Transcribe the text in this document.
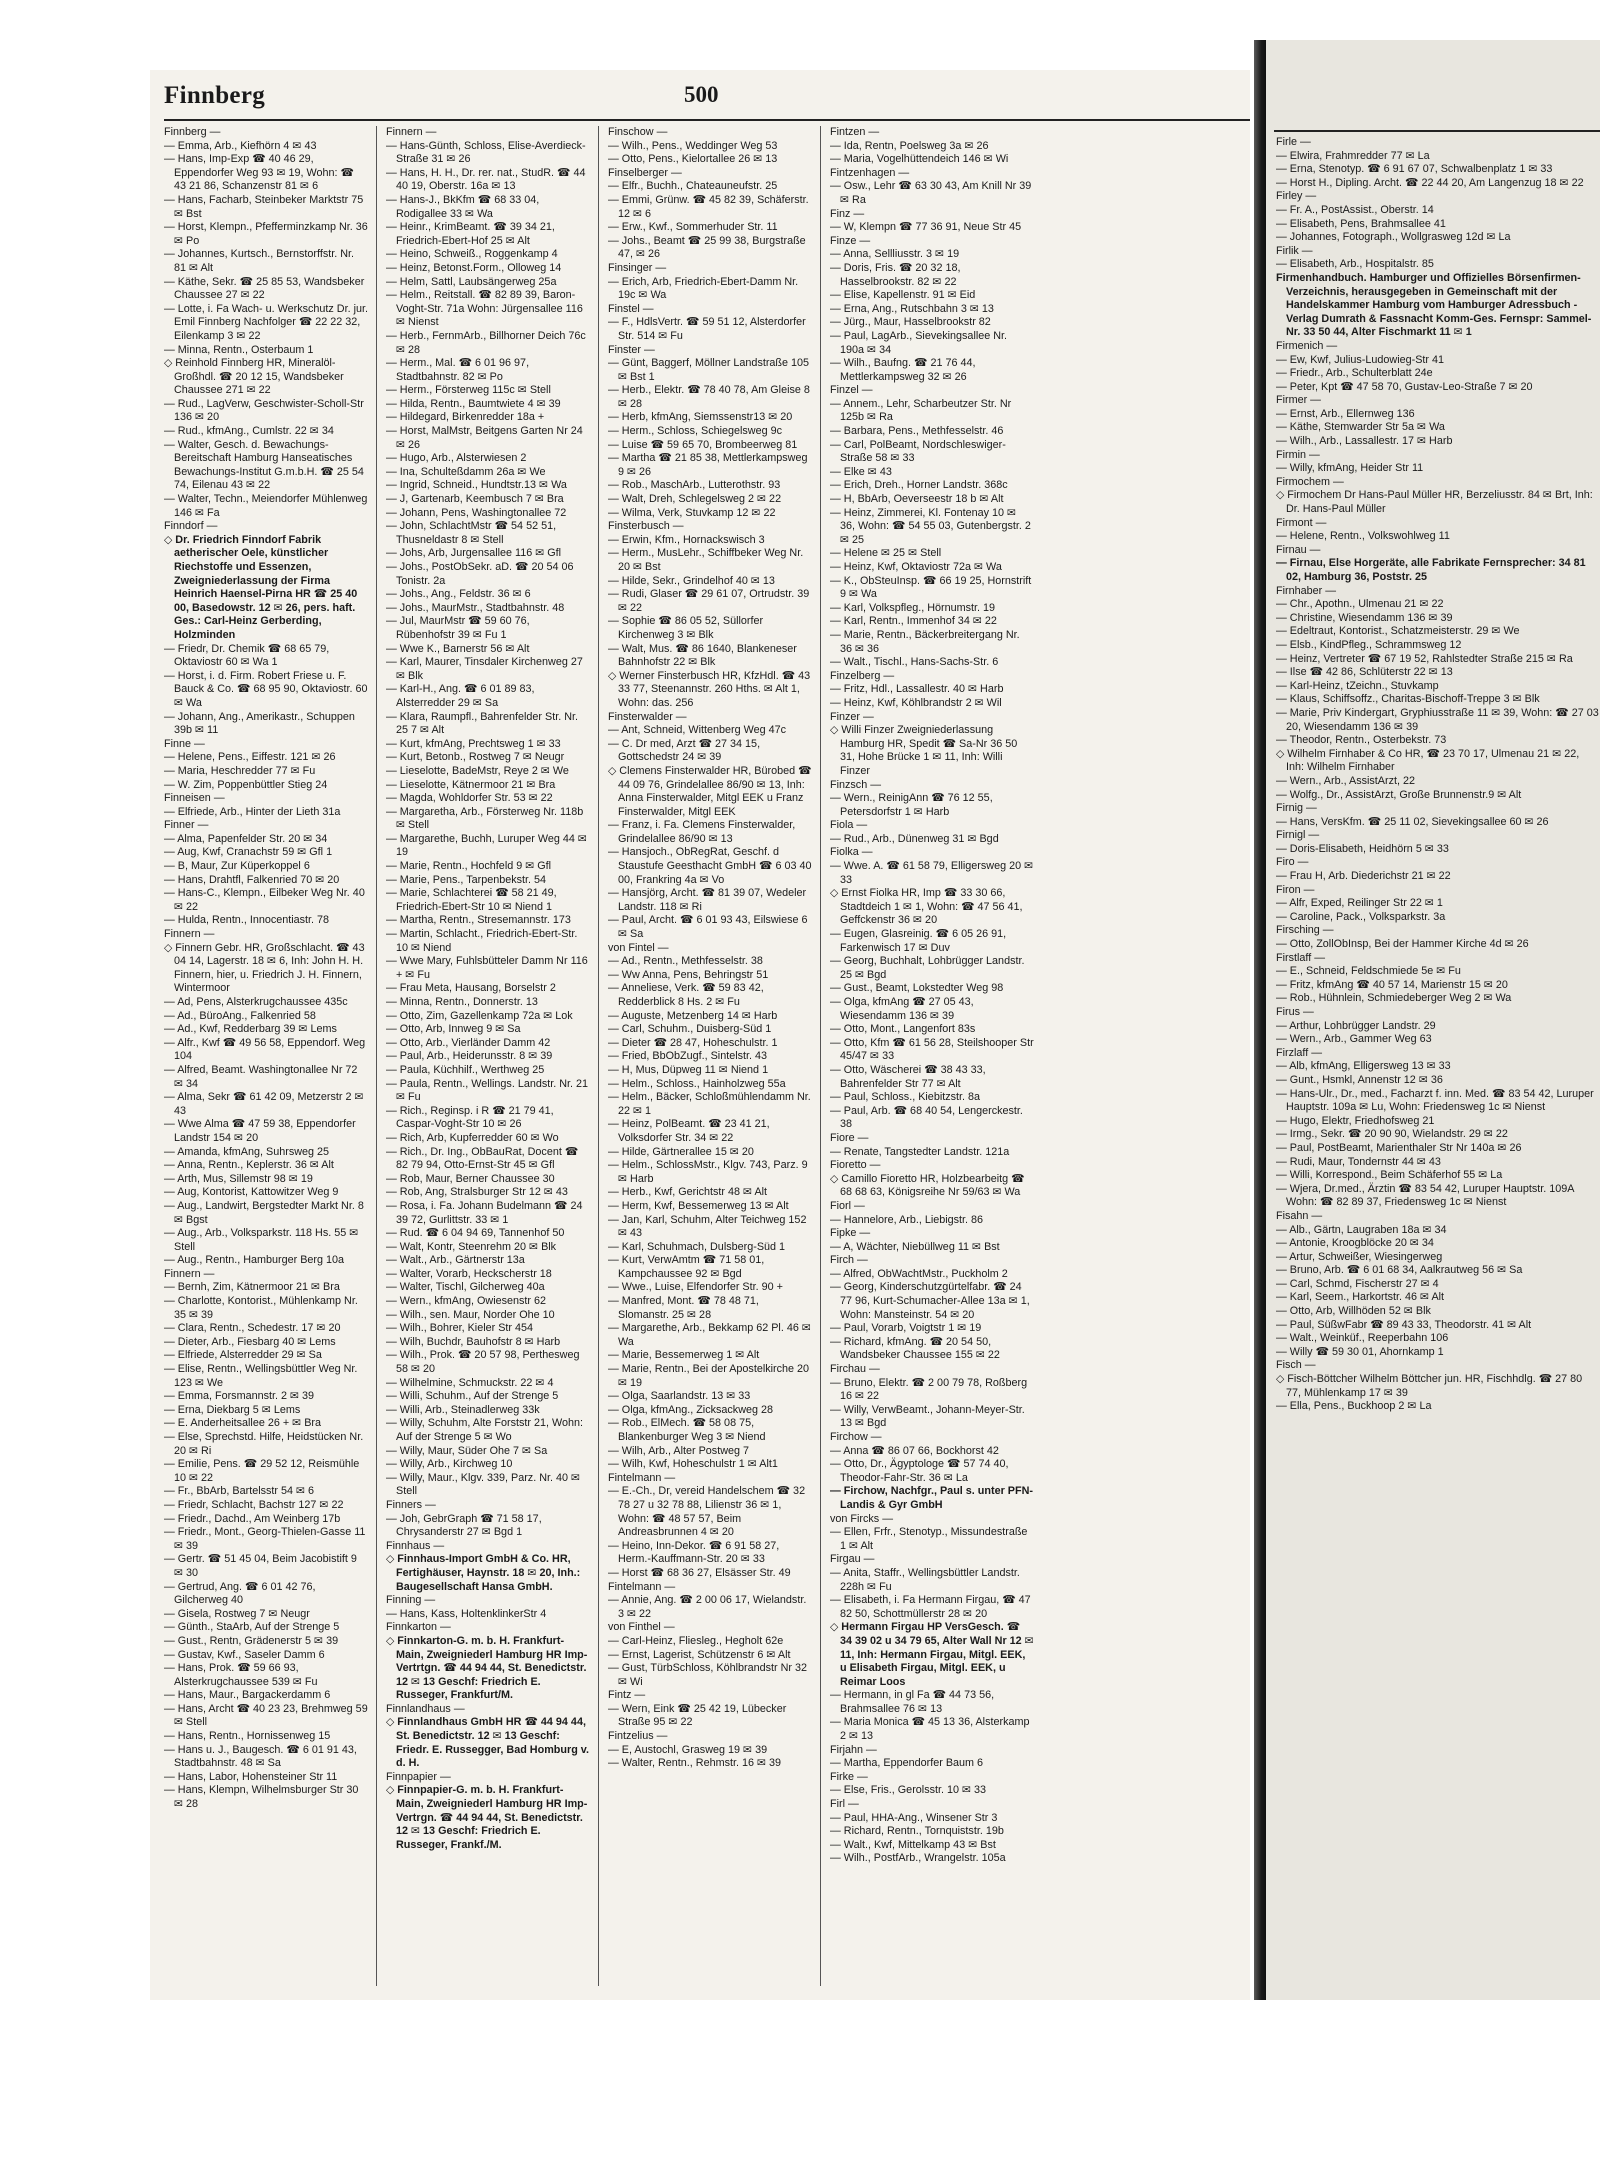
Finnberg	500

Finnberg —

— Emma, Arb., Kiefhörn 4 ✉ 43

— Hans, Imp-Exp ☎ 40 46 29, Eppendorfer Weg 93 ✉ 19, Wohn: ☎ 43 21 86, Schanzenstr 81 ✉ 6

— Hans, Facharb, Steinbeker Marktstr 75 ✉ Bst

— Horst, Klempn., Pfefferminzkamp Nr. 36 ✉ Po

— Johannes, Kurtsch., Bernstorffstr. Nr. 81 ✉ Alt

— Käthe, Sekr. ☎ 25 85 53, Wandsbeker Chaussee 27 ✉ 22

— Lotte, i. Fa Wach- u. Werkschutz Dr. jur. Emil Finnberg Nachfolger ☎ 22 22 32, Eilenkamp 3 ✉ 22

— Minna, Rentn., Osterbaum 1

◇ Reinhold Finnberg HR, Mineralöl-Großhdl. ☎ 20 12 15, Wandsbeker Chaussee 271 ✉ 22

— Rud., LagVerw, Geschwister-Scholl-Str 136 ✉ 20

— Rud., kfmAng., Cumlstr. 22 ✉ 34

— Walter, Gesch. d. Bewachungs-Bereitschaft Hamburg Hanseatisches Bewachungs-Institut G.m.b.H. ☎ 25 54 74, Eilenau 43 ✉ 22

— Walter, Techn., Meiendorfer Mühlenweg 146 ✉ Fa

Finndorf —

◇ Dr. Friedrich Finndorf Fabrik aetherischer Oele, künstlicher Riechstoffe und Essenzen, Zweigniederlassung der Firma Heinrich Haensel-Pirna HR ☎ 25 40 00, Basedowstr. 12 ✉ 26, pers. haft. Ges.: Carl-Heinz Gerberding, Holzminden

— Friedr, Dr. Chemik ☎ 68 65 79, Oktaviostr 60 ✉ Wa 1

— Horst, i. d. Firm. Robert Friese u. F. Bauck & Co. ☎ 68 95 90, Oktaviostr. 60 ✉ Wa

— Johann, Ang., Amerikastr., Schuppen 39b ✉ 11

Finne —

— Helene, Pens., Eiffestr. 121 ✉ 26

— Maria, Heschredder 77 ✉ Fu

— W. Zim, Poppenbüttler Stieg 24

Finneisen —

— Elfriede, Arb., Hinter der Lieth 31a

Finner —

— Alma, Papenfelder Str. 20 ✉ 34

— Aug, Kwf, Cranachstr 59 ✉ Gfl 1

— B, Maur, Zur Küperkoppel 6

— Hans, Drahtfl, Falkenried 70 ✉ 20

— Hans-C., Klempn., Eilbeker Weg Nr. 40 ✉ 22

— Hulda, Rentn., Innocentiastr. 78

Finnern —

◇ Finnern Gebr. HR, Großschlacht. ☎ 43 04 14, Lagerstr. 18 ✉ 6, Inh: John H. H. Finnern, hier, u. Friedrich J. H. Finnern, Wintermoor

— Ad, Pens, Alsterkrugchaussee 435c

— Ad., BüroAng., Falkenried 58

— Ad., Kwf, Redderbarg 39 ✉ Lems

— Alfr., Kwf ☎ 49 56 58, Eppendorf. Weg 104

— Alfred, Beamt. Washingtonallee Nr 72 ✉ 34

— Alma, Sekr ☎ 61 42 09, Metzerstr 2 ✉ 43

— Wwe Alma ☎ 47 59 38, Eppendorfer Landstr 154 ✉ 20

— Amanda, kfmAng, Suhrsweg 25

— Anna, Rentn., Keplerstr. 36 ✉ Alt

— Arth, Mus, Sillemstr 98 ✉ 19

— Aug, Kontorist, Kattowitzer Weg 9

— Aug., Landwirt, Bergstedter Markt Nr. 8 ✉ Bgst

— Aug., Arb., Volksparkstr. 118 Hs. 55 ✉ Stell

— Aug., Rentn., Hamburger Berg 10a

Finnern —

— Bernh, Zim, Kätnermoor 21 ✉ Bra

— Charlotte, Kontorist., Mühlenkamp Nr. 35 ✉ 39

— Clara, Rentn., Schedestr. 17 ✉ 20

— Dieter, Arb., Fiesbarg 40 ✉ Lems

— Elfriede, Alsterredder 29 ✉ Sa

— Elise, Rentn., Wellingsbüttler Weg Nr. 123 ✉ We

— Emma, Forsmannstr. 2 ✉ 39

— Erna, Diekbarg 5 ✉ Lems

— E. Anderheitsallee 26 + ✉ Bra

— Else, Sprechstd. Hilfe, Heidstücken Nr. 20 ✉ Ri

— Emilie, Pens. ☎ 29 52 12, Reismühle 10 ✉ 22

— Fr., BbArb, Bartelsstr 54 ✉ 6

— Friedr, Schlacht, Bachstr 127 ✉ 22

— Friedr., Dachd., Am Weinberg 17b

— Friedr., Mont., Georg-Thielen-Gasse 11 ✉ 39

— Gertr. ☎ 51 45 04, Beim Jacobistift 9 ✉ 30

— Gertrud, Ang. ☎ 6 01 42 76, Gilcherweg 40

— Gisela, Rostweg 7 ✉ Neugr

— Günth., StaArb, Auf der Strenge 5

— Gust., Rentn, Grädenerstr 5 ✉ 39

— Gustav, Kwf., Saseler Damm 6

— Hans, Prok. ☎ 59 66 93, Alsterkrugchaussee 539 ✉ Fu

— Hans, Maur., Bargackerdamm 6

— Hans, Archt ☎ 40 23 23, Brehmweg 59 ✉ Stell

— Hans, Rentn., Hornissenweg 15

— Hans u. J., Baugesch. ☎ 6 01 91 43, Stadtbahnstr. 48 ✉ Sa

— Hans, Labor, Hohensteiner Str 11

— Hans, Klempn, Wilhelmsburger Str 30 ✉ 28

Finnern —

— Hans-Günth, Schloss, Elise-Averdieck-Straße 31 ✉ 26

— Hans, H. H., Dr. rer. nat., StudR. ☎ 44 40 19, Oberstr. 16a ✉ 13

— Hans-J., BkKfm ☎ 68 33 04, Rodigallee 33 ✉ Wa

— Heinr., KrimBeamt. ☎ 39 34 21, Friedrich-Ebert-Hof 25 ✉ Alt

— Heino, Schweiß., Roggenkamp 4

— Heinz, Betonst.Form., Olloweg 14

— Helm, Sattl, Laubsängerweg 25a

— Helm., Reitstall. ☎ 82 89 39, Baron-Voght-Str. 71a Wohn: Jürgensallee 116 ✉ Nienst

— Herb., FernmArb., Billhorner Deich 76c ✉ 28

— Herm., Mal. ☎ 6 01 96 97, Stadtbahnstr. 82 ✉ Po

— Herm., Försterweg 115c ✉ Stell

— Hilda, Rentn., Baumtwiete 4 ✉ 39

— Hildegard, Birkenredder 18a +

— Horst, MalMstr, Beitgens Garten Nr 24 ✉ 26

— Hugo, Arb., Alsterwiesen 2

— Ina, Schulteßdamm 26a ✉ We

— Ingrid, Schneid., Hundtstr.13 ✉ Wa

— J, Gartenarb, Keembusch 7 ✉ Bra

— Johann, Pens, Washingtonallee 72

— John, SchlachtMstr ☎ 54 52 51, Thusneldastr 8 ✉ Stell

— Johs, Arb, Jurgensallee 116 ✉ Gfl

— Johs., PostObSekr. aD. ☎ 20 54 06 Tonistr. 2a

— Johs., Ang., Feldstr. 36 ✉ 6

— Johs., MaurMstr., Stadtbahnstr. 48

— Jul, MaurMstr ☎ 59 60 76, Rübenhofstr 39 ✉ Fu 1

— Wwe K., Barnerstr 56 ✉ Alt

— Karl, Maurer, Tinsdaler Kirchenweg 27 ✉ Blk

— Karl-H., Ang. ☎ 6 01 89 83, Alsterredder 29 ✉ Sa

— Klara, Raumpfl., Bahrenfelder Str. Nr. 25 7 ✉ Alt

— Kurt, kfmAng, Prechtsweg 1 ✉ 33

— Kurt, Betonb., Rostweg 7 ✉ Neugr

— Lieselotte, BadeMstr, Reye 2 ✉ We

— Lieselotte, Kätnermoor 21 ✉ Bra

— Magda, Wohldorfer Str. 53 ✉ 22

— Margaretha, Arb., Försterweg Nr. 118b ✉ Stell

— Margarethe, Buchh, Luruper Weg 44 ✉ 19

— Marie, Rentn., Hochfeld 9 ✉ Gfl

— Marie, Pens., Tarpenbekstr. 54

— Marie, Schlachterei ☎ 58 21 49, Friedrich-Ebert-Str 10 ✉ Niend 1

— Martha, Rentn., Stresemannstr. 173

— Martin, Schlacht., Friedrich-Ebert-Str. 10 ✉ Niend

— Wwe Mary, Fuhlsbütteler Damm Nr 116 + ✉ Fu

— Frau Meta, Hausang, Borselstr 2

— Minna, Rentn., Donnerstr. 13

— Otto, Zim, Gazellenkamp 72a ✉ Lok

— Otto, Arb, Innweg 9 ✉ Sa

— Otto, Arb., Vierländer Damm 42

— Paul, Arb., Heiderunsstr. 8 ✉ 39

— Paula, Küchhilf., Werthweg 25

— Paula, Rentn., Wellings. Landstr. Nr. 21 ✉ Fu

— Rich., Reginsp. i R ☎ 21 79 41, Caspar-Voght-Str 10 ✉ 26

— Rich, Arb, Kupferredder 60 ✉ Wo

— Rich., Dr. Ing., ObBauRat, Docent ☎ 82 79 94, Otto-Ernst-Str 45 ✉ Gfl

— Rob, Maur, Berner Chaussee 30

— Rob, Ang, Stralsburger Str 12 ✉ 43

— Rosa, i. Fa. Johann Budelmann ☎ 24 39 72, Gurlittstr. 33 ✉ 1

— Rud. ☎ 6 04 94 69, Tannenhof 50

— Walt, Kontr, Steenrehm 20 ✉ Blk

— Walt., Arb., Gärtnerstr 13a

— Walter, Vorarb, Heckscherstr 18

— Walter, Tischl, Gilcherweg 40a

— Wern., kfmAng, Owiesenstr 62

— Wilh., sen. Maur, Norder Ohe 10

— Wilh., Bohrer, Kieler Str 454

— Wilh, Buchdr, Bauhofstr 8 ✉ Harb

— Wilh., Prok. ☎ 20 57 98, Perthesweg 58 ✉ 20

— Wilhelmine, Schmuckstr. 22 ✉ 4

— Willi, Schuhm., Auf der Strenge 5

— Willi, Arb., Steinadlerweg 33k

— Willy, Schuhm, Alte Forststr 21, Wohn: Auf der Strenge 5 ✉ Wo

— Willy, Maur, Süder Ohe 7 ✉ Sa

— Willy, Arb., Kirchweg 10

— Willy, Maur., Klgv. 339, Parz. Nr. 40 ✉ Stell

Finners —

— Joh, GebrGraph ☎ 71 58 17, Chrysanderstr 27 ✉ Bgd 1

Finnhaus —

◇ Finnhaus-Import GmbH & Co. HR, Fertighäuser, Haynstr. 18 ✉ 20, Inh.: Baugesellschaft Hansa GmbH.

Finning —

— Hans, Kass, HoltenklinkerStr 4

Finnkarton —

◇ Finnkarton-G. m. b. H. Frankfurt-Main, Zweigniederl Hamburg HR Imp-Vertrtgn. ☎ 44 94 44, St. Benedictstr. 12 ✉ 13 Geschf: Friedrich E. Russeger, Frankfurt/M.

Finnlandhaus —

◇ Finnlandhaus GmbH HR ☎ 44 94 44, St. Benedictstr. 12 ✉ 13 Geschf: Friedr. E. Russegger, Bad Homburg v. d. H.

Finnpapier —

◇ Finnpapier-G. m. b. H. Frankfurt-Main, Zweigniederl Hamburg HR Imp-Vertrgn. ☎ 44 94 44, St. Benedictstr. 12 ✉ 13 Geschf: Friedrich E. Russeger, Frankf./M.

Finschow —

— Wilh., Pens., Weddinger Weg 53

— Otto, Pens., Kielortallee 26 ✉ 13

Finselberger —

— Elfr., Buchh., Chateauneufstr. 25

— Emmi, Grünw. ☎ 45 82 39, Schäferstr. 12 ✉ 6

— Erw., Kwf., Sommerhuder Str. 11

— Johs., Beamt ☎ 25 99 38, Burgstraße 47, ✉ 26

Finsinger —

— Erich, Arb, Friedrich-Ebert-Damm Nr. 19c ✉ Wa

Finstel —

— F., HdlsVertr. ☎ 59 51 12, Alsterdorfer Str. 514 ✉ Fu

Finster —

— Günt, Baggerf, Möllner Landstraße 105 ✉ Bst 1

— Herb., Elektr. ☎ 78 40 78, Am Gleise 8 ✉ 28

— Herb, kfmAng, Siemssenstr13 ✉ 20

— Herm., Schloss, Schiegelsweg 9c

— Luise ☎ 59 65 70, Brombeerweg 81

— Martha ☎ 21 85 38, Mettlerkampsweg 9 ✉ 26

— Rob., MaschArb., Lutterothstr. 93

— Walt, Dreh, Schlegelsweg 2 ✉ 22

— Wilma, Verk, Stuvkamp 12 ✉ 22

Finsterbusch —

— Erwin, Kfm., Hornackswisch 3

— Herm., MusLehr., Schiffbeker Weg Nr. 20 ✉ Bst

— Hilde, Sekr., Grindelhof 40 ✉ 13

— Rudi, Glaser ☎ 29 61 07, Ortrudstr. 39 ✉ 22

— Sophie ☎ 86 05 52, Süllorfer Kirchenweg 3 ✉ Blk

— Walt, Mus. ☎ 86 1640, Blankeneser Bahnhofstr 22 ✉ Blk

◇ Werner Finsterbusch HR, KfzHdl. ☎ 43 33 77, Steenannstr. 260 Hths. ✉ Alt 1, Wohn: das. 256

Finsterwalder —

— Ant, Schneid, Wittenberg Weg 47c

— C. Dr med, Arzt ☎ 27 34 15, Gottschedstr 24 ✉ 39

◇ Clemens Finsterwalder HR, Bürobed ☎ 44 09 76, Grindelallee 86/90 ✉ 13, Inh: Anna Finsterwalder, Mitgl EEK u Franz Finsterwalder, Mitgl EEK

— Franz, i. Fa. Clemens Finsterwalder, Grindelallee 86/90 ✉ 13

— Hansjoch., ObRegRat, Geschf. d Staustufe Geesthacht GmbH ☎ 6 03 40 00, Frankring 4a ✉ Vo

— Hansjörg, Archt. ☎ 81 39 07, Wedeler Landstr. 118 ✉ Ri

— Paul, Archt. ☎ 6 01 93 43, Eilswiese 6 ✉ Sa

von Fintel —

— Ad., Rentn., Methfesselstr. 38

— Ww Anna, Pens, Behringstr 51

— Anneliese, Verk. ☎ 59 83 42, Redderblick 8 Hs. 2 ✉ Fu

— Auguste, Metzenberg 14 ✉ Harb

— Carl, Schuhm., Duisberg-Süd 1

— Dieter ☎ 28 47, Hoheschulstr. 1

— Fried, BbObZugf., Sintelstr. 43

— H, Mus, Düpweg 11 ✉ Niend 1

— Helm., Schloss., Hainholzweg 55a

— Helm., Bäcker, Schloßmühlendamm Nr. 22 ✉ 1

— Heinz, PolBeamt. ☎ 23 41 21, Volksdorfer Str. 34 ✉ 22

— Hilde, Gärtnerallee 15 ✉ 20

— Helm., SchlossMstr., Klgv. 743, Parz. 9 ✉ Harb

— Herb., Kwf, Gerichtstr 48 ✉ Alt

— Herm, Kwf, Bessemerweg 13 ✉ Alt

— Jan, Karl, Schuhm, Alter Teichweg 152 ✉ 43

— Karl, Schuhmach, Dulsberg-Süd 1

— Kurt, VerwAmtm ☎ 71 58 01, Kampchaussee 92 ✉ Bgd

— Wwe., Luise, Elfendorfer Str. 90 +

— Manfred, Mont. ☎ 78 48 71, Slomanstr. 25 ✉ 28

— Margarethe, Arb., Bekkamp 62 Pl. 46 ✉ Wa

— Marie, Bessemerweg 1 ✉ Alt

— Marie, Rentn., Bei der Apostelkirche 20 ✉ 19

— Olga, Saarlandstr. 13 ✉ 33

— Olga, kfmAng., Zicksackweg 28

— Rob., ElMech. ☎ 58 08 75, Blankenburger Weg 3 ✉ Niend

— Wilh, Arb., Alter Postweg 7

— Wilh, Kwf, Hoheschulstr 1 ✉ Alt1

Fintelmann —

— E.-Ch., Dr, vereid Handelschem ☎ 32 78 27 u 32 78 88, Lilienstr 36 ✉ 1, Wohn: ☎ 48 57 57, Beim Andreasbrunnen 4 ✉ 20

— Heino, Inn-Dekor. ☎ 6 91 58 27, Herm.-Kauffmann-Str. 20 ✉ 33

— Horst ☎ 68 36 27, Elsässer Str. 49

Fintelmann —

— Annie, Ang. ☎ 2 00 06 17, Wielandstr. 3 ✉ 22

von Finthel —

— Carl-Heinz, Fliesleg., Hegholt 62e

— Ernst, Lagerist, Schützenstr 6 ✉ Alt

— Gust, TürbSchloss, Köhlbrandstr Nr 32 ✉ Wi

Fintz —

— Wern, Eink ☎ 25 42 19, Lübecker Straße 95 ✉ 22

Fintzelius —

— E, Austochl, Grasweg 19 ✉ 39

— Walter, Rentn., Rehmstr. 16 ✉ 39

Fintzen —

— Ida, Rentn, Poelsweg 3a ✉ 26

— Maria, Vogelhüttendeich 146 ✉ Wi

Fintzenhagen —

— Osw., Lehr ☎ 63 30 43, Am Knill Nr 39 ✉ Ra

Finz —

— W, Klempn ☎ 77 36 91, Neue Str 45

Finze —

— Anna, Sellliusstr. 3 ✉ 19

— Doris, Fris. ☎ 20 32 18, Hasselbrookstr. 82 ✉ 22

— Elise, Kapellenstr. 91 ✉ Eid

— Erna, Ang., Rutschbahn 3 ✉ 13

— Jürg., Maur, Hasselbrookstr 82

— Paul, LagArb., Sievekingsallee Nr. 190a ✉ 34

— Wilh., Baufng. ☎ 21 76 44, Mettlerkampsweg 32 ✉ 26

Finzel —

— Annem., Lehr, Scharbeutzer Str. Nr 125b ✉ Ra

— Barbara, Pens., Methfesselstr. 46

— Carl, PolBeamt, Nordschleswiger-Straße 58 ✉ 33

— Elke ✉ 43

— Erich, Dreh., Horner Landstr. 368c

— H, BbArb, Oeverseestr 18 b ✉ Alt

— Heinz, Zimmerei, Kl. Fontenay 10 ✉ 36, Wohn: ☎ 54 55 03, Gutenbergstr. 2 ✉ 25

— Helene ✉ 25 ✉ Stell

— Heinz, Kwf, Oktaviostr 72a ✉ Wa

— K., ObSteuInsp. ☎ 66 19 25, Hornstrift 9 ✉ Wa

— Karl, Volkspfleg., Hörnumstr. 19

— Karl, Rentn., Immenhof 34 ✉ 22

— Marie, Rentn., Bäckerbreitergang Nr. 36 ✉ 36

— Walt., Tischl., Hans-Sachs-Str. 6

Finzelberg —

— Fritz, Hdl., Lassallestr. 40 ✉ Harb

— Heinz, Kwf, Köhlbrandstr 2 ✉ Wil

Finzer —

◇ Willi Finzer Zweigniederlassung Hamburg HR, Spedit ☎ Sa-Nr 36 50 31, Hohe Brücke 1 ✉ 11, Inh: Willi Finzer

Finzsch —

— Wern., ReinigAnn ☎ 76 12 55, Petersdorfstr 1 ✉ Harb

Fiola —

— Rud., Arb., Dünenweg 31 ✉ Bgd

Fiolka —

— Wwe. A. ☎ 61 58 79, Elligersweg 20 ✉ 33

◇ Ernst Fiolka HR, Imp ☎ 33 30 66, Stadtdeich 1 ✉ 1, Wohn: ☎ 47 56 41, Geffckenstr 36 ✉ 20

— Eugen, Glasreinig. ☎ 6 05 26 91, Farkenwisch 17 ✉ Duv

— Georg, Buchhalt, Lohbrügger Landstr. 25 ✉ Bgd

— Gust., Beamt, Lokstedter Weg 98

— Olga, kfmAng ☎ 27 05 43, Wiesendamm 136 ✉ 39

— Otto, Mont., Langenfort 83s

— Otto, Kfm ☎ 61 56 28, Steilshooper Str 45/47 ✉ 33

— Otto, Wäscherei ☎ 38 43 33, Bahrenfelder Str 77 ✉ Alt

— Paul, Schloss., Kiebitzstr. 8a

— Paul, Arb. ☎ 68 40 54, Lengerckestr. 38

Fiore —

— Renate, Tangstedter Landstr. 121a

Fioretto —

◇ Camillo Fioretto HR, Holzbearbeitg ☎ 68 68 63, Königsreihe Nr 59/63 ✉ Wa

Fiorl —

— Hannelore, Arb., Liebigstr. 86

Fipke —

— A, Wächter, Niebüllweg 11 ✉ Bst

Firch —

— Alfred, ObWachtMstr., Puckholm 2

— Georg, Kinderschutzgürtelfabr. ☎ 24 77 96, Kurt-Schumacher-Allee 13a ✉ 1, Wohn: Mansteinstr. 54 ✉ 20

— Paul, Vorarb, Voigtstr 1 ✉ 19

— Richard, kfmAng. ☎ 20 54 50, Wandsbeker Chaussee 155 ✉ 22

Firchau —

— Bruno, Elektr. ☎ 2 00 79 78, Roßberg 16 ✉ 22

— Willy, VerwBeamt., Johann-Meyer-Str. 13 ✉ Bgd

Firchow —

— Anna ☎ 86 07 66, Bockhorst 42

— Otto, Dr., Ägyptologe ☎ 57 74 40, Theodor-Fahr-Str. 36 ✉ La

— Firchow, Nachfgr., Paul s. unter PFN-Landis & Gyr GmbH

von Fircks —

— Ellen, Frfr., Stenotyp., Missundestraße 1 ✉ Alt

Firgau —

— Anita, Staffr., Wellingsbüttler Landstr. 228h ✉ Fu

— Elisabeth, i. Fa Hermann Firgau, ☎ 47 82 50, Schottmüllerstr 28 ✉ 20

◇ Hermann Firgau HP VersGesch. ☎ 34 39 02 u 34 79 65, Alter Wall Nr 12 ✉ 11, Inh: Hermann Firgau, Mitgl. EEK, u Elisabeth Firgau, Mitgl. EEK, u Reimar Loos

— Hermann, in gl Fa ☎ 44 73 56, Brahmsallee 76 ✉ 13

— Maria Monica ☎ 45 13 36, Alsterkamp 2 ✉ 13

Firjahn —

— Martha, Eppendorfer Baum 6

Firke —

— Else, Fris., Gerolsstr. 10 ✉ 33

Firl —

— Paul, HHA-Ang., Winsener Str 3

— Richard, Rentn., Tornquiststr. 19b

— Walt., Kwf, Mittelkamp 43 ✉ Bst

— Wilh., PostfArb., Wrangelstr. 105a

Firle —

— Elwira, Frahmredder 77 ✉ La

— Erna, Stenotyp. ☎ 6 91 67 07, Schwalbenplatz 1 ✉ 33

— Horst H., Dipling. Archt. ☎ 22 44 20, Am Langenzug 18 ✉ 22

Firley —

— Fr. A., PostAssist., Oberstr. 14

— Elisabeth, Pens, Brahmsallee 41

— Johannes, Fotograph., Wollgrasweg 12d ✉ La

Firlik —

— Elisabeth, Arb., Hospitalstr. 85

Firmenhandbuch. Hamburger und Offizielles Börsenfirmen-Verzeichnis, herausgegeben in Gemeinschaft mit der Handelskammer Hamburg vom Hamburger Adressbuch - Verlag Dumrath & Fassnacht Komm-Ges. Fernspr: Sammel-Nr. 33 50 44, Alter Fischmarkt 11 ✉ 1

Firmenich —

— Ew, Kwf, Julius-Ludowieg-Str 41

— Friedr., Arb., Schulterblatt 24e

— Peter, Kpt ☎ 47 58 70, Gustav-Leo-Straße 7 ✉ 20

Firmer —

— Ernst, Arb., Ellernweg 136

— Käthe, Stemwarder Str 5a ✉ Wa

— Wilh., Arb., Lassallestr. 17 ✉ Harb

Firmin —

— Willy, kfmAng, Heider Str 11

Firmochem —

◇ Firmochem Dr Hans-Paul Müller HR, Berzeliusstr. 84 ✉ Brt, Inh: Dr. Hans-Paul Müller

Firmont —

— Helene, Rentn., Volkswohlweg 11

Firnau —

— Firnau, Else Horgeräte, alle Fabrikate Fernsprecher: 34 81 02, Hamburg 36, Poststr. 25

Firnhaber —

— Chr., Apothn., Ulmenau 21 ✉ 22

— Christine, Wiesendamm 136 ✉ 39

— Edeltraut, Kontorist., Schatzmeisterstr. 29 ✉ We

— Elsb., KindPfleg., Schrammsweg 12

— Heinz, Vertreter ☎ 67 19 52, Rahlstedter Straße 215 ✉ Ra

— Ilse ☎ 42 86, Schlüterstr 22 ✉ 13

— Karl-Heinz, tZeichn., Stuvkamp

— Klaus, Schiffsoffz., Charitas-Bischoff-Treppe 3 ✉ Blk

— Marie, Priv Kindergart, Gryphiusstraße 11 ✉ 39, Wohn: ☎ 27 03 20, Wiesendamm 136 ✉ 39

— Theodor, Rentn., Osterbekstr. 73

◇ Wilhelm Firnhaber & Co HR, ☎ 23 70 17, Ulmenau 21 ✉ 22, Inh: Wilhelm Firnhaber

— Wern., Arb., AssistArzt, 22

— Wolfg., Dr., AssistArzt, Große Brunnenstr.9 ✉ Alt

Firnig —

— Hans, VersKfm. ☎ 25 11 02, Sievekingsallee 60 ✉ 26

Firnigl —

— Doris-Elisabeth, Heidhörn 5 ✉ 33

Firo —

— Frau H, Arb. Diederichstr 21 ✉ 22

Firon —

— Alfr, Exped, Reilinger Str 22 ✉ 1

— Caroline, Pack., Volksparkstr. 3a

Firsching —

— Otto, ZollObInsp, Bei der Hammer Kirche 4d ✉ 26

Firstlaff —

— E., Schneid, Feldschmiede 5e ✉ Fu

— Fritz, kfmAng ☎ 40 57 14, Marienstr 15 ✉ 20

— Rob., Hühnlein, Schmiedeberger Weg 2 ✉ Wa

Firus —

— Arthur, Lohbrügger Landstr. 29

— Wern., Arb., Gammer Weg 63

Firzlaff —

— Alb, kfmAng, Elligersweg 13 ✉ 33

— Gunt., Hsmkl, Annenstr 12 ✉ 36

— Hans-Ulr., Dr., med., Facharzt f. inn. Med. ☎ 83 54 42, Luruper Hauptstr. 109a ✉ Lu, Wohn: Friedensweg 1c ✉ Nienst

— Hugo, Elektr, Friedhofsweg 21

— Irmg., Sekr. ☎ 20 90 90, Wielandstr. 29 ✉ 22

— Paul, PostBeamt, Marienthaler Str Nr 140a ✉ 26

— Rudi, Maur, Tondernstr 44 ✉ 43

— Willi, Korrespond., Beim Schäferhof 55 ✉ La

— Wjera, Dr.med., Ärztin ☎ 83 54 42, Luruper Hauptstr. 109A Wohn: ☎ 82 89 37, Friedensweg 1c ✉ Nienst

Fisahn —

— Alb., Gärtn, Laugraben 18a ✉ 34

— Antonie, Kroogblöcke 20 ✉ 34

— Artur, Schweißer, Wiesingerweg

— Bruno, Arb. ☎ 6 01 68 34, Aalkrautweg 56 ✉ Sa

— Carl, Schmd, Fischerstr 27 ✉ 4

— Karl, Seem., Harkortstr. 46 ✉ Alt

— Otto, Arb, Willhöden 52 ✉ Blk

— Paul, SüßwFabr ☎ 89 43 33, Theodorstr. 41 ✉ Alt

— Walt., Weinküf., Reeperbahn 106

— Willy ☎ 59 30 01, Ahornkamp 1

Fisch —

◇ Fisch-Böttcher Wilhelm Böttcher jun. HR, Fischhdlg. ☎ 27 80 77, Mühlenkamp 17 ✉ 39

— Ella, Pens., Buckhoop 2 ✉ La
